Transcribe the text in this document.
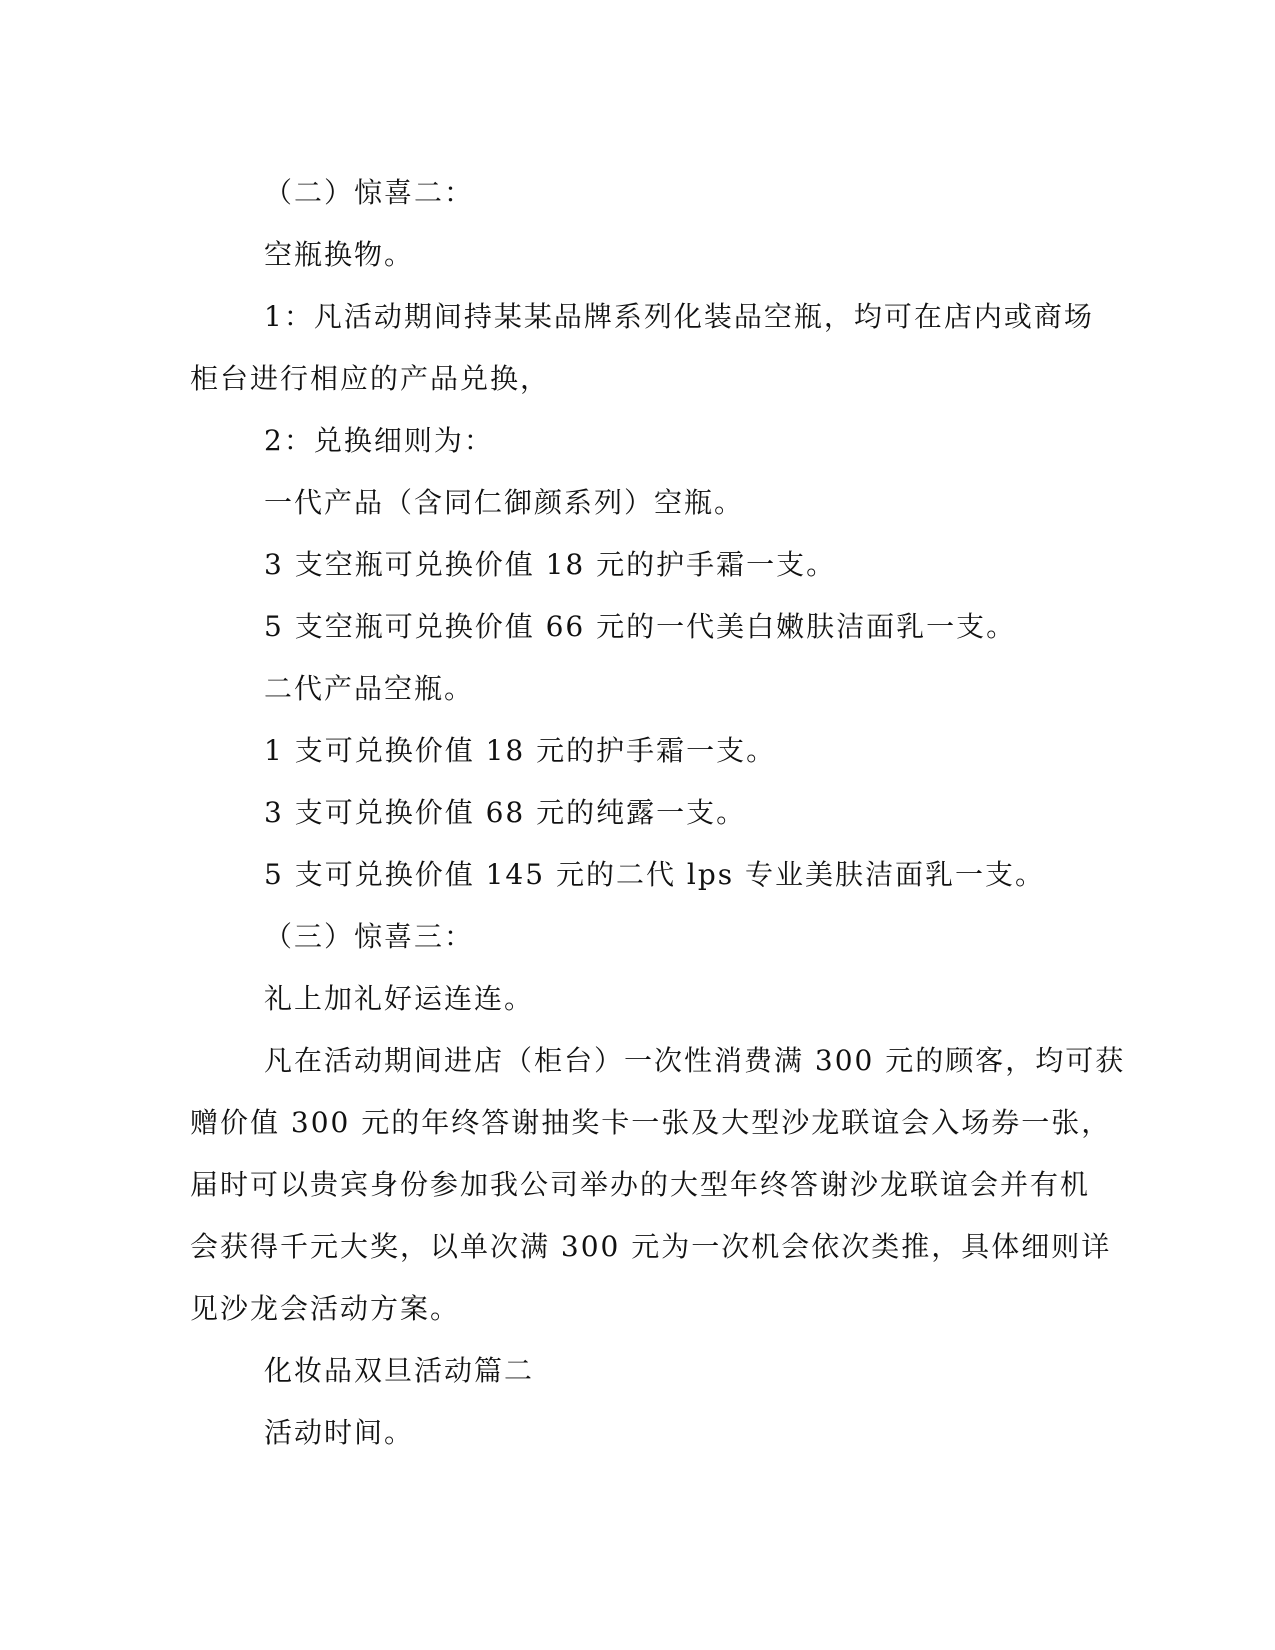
（二）惊喜二：
空瓶换物。
1：凡活动期间持某某品牌系列化装品空瓶，均可在店内或商场
柜台进行相应的产品兑换，
2：兑换细则为：
一代产品（含同仁御颜系列）空瓶。
3 支空瓶可兑换价值 18 元的护手霜一支。
5 支空瓶可兑换价值 66 元的一代美白嫩肤洁面乳一支。
二代产品空瓶。
1 支可兑换价值 18 元的护手霜一支。
3 支可兑换价值 68 元的纯露一支。
5 支可兑换价值 145 元的二代 lps 专业美肤洁面乳一支。
（三）惊喜三：
礼上加礼好运连连。
凡在活动期间进店（柜台）一次性消费满 300 元的顾客，均可获
赠价值 300 元的年终答谢抽奖卡一张及大型沙龙联谊会入场券一张，
届时可以贵宾身份参加我公司举办的大型年终答谢沙龙联谊会并有机
会获得千元大奖，以单次满 300 元为一次机会依次类推，具体细则详
见沙龙会活动方案。
化妆品双旦活动篇二
活动时间。
